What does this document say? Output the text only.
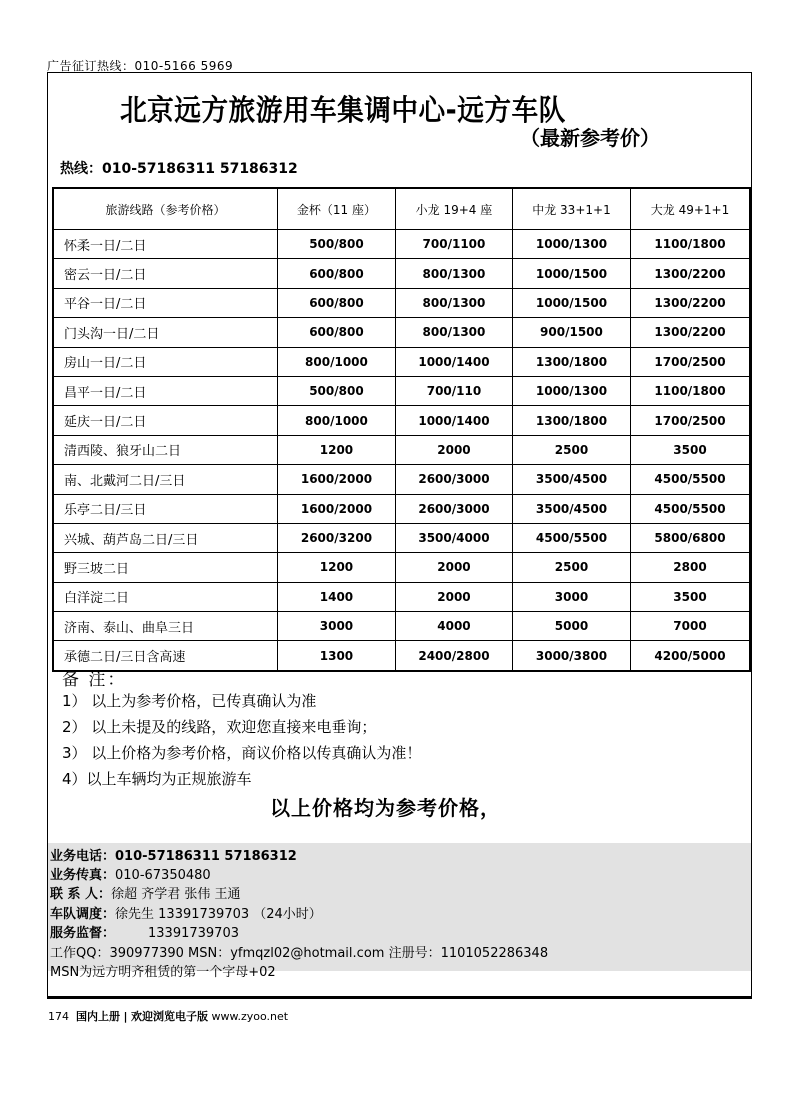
广告征订热线：010-5166 5969
北京远方旅游用车集调中心-远方车队
（最新参考价）
热线：010-57186311 57186312
旅游线路（参考价格）	金杯（11 座）	小龙 19+4 座	中龙 33+1+1	大龙 49+1+1
怀柔一日/二日	500/800	700/1100	1000/1300	1100/1800
密云一日/二日	600/800	800/1300	1000/1500	1300/2200
平谷一日/二日	600/800	800/1300	1000/1500	1300/2200
门头沟一日/二日	600/800	800/1300	900/1500	1300/2200
房山一日/二日	800/1000	1000/1400	1300/1800	1700/2500
昌平一日/二日	500/800	700/110	1000/1300	1100/1800
延庆一日/二日	800/1000	1000/1400	1300/1800	1700/2500
清西陵、狼牙山二日	1200	2000	2500	3500
南、北戴河二日/三日	1600/2000	2600/3000	3500/4500	4500/5500
乐亭二日/三日	1600/2000	2600/3000	3500/4500	4500/5500
兴城、葫芦岛二日/三日	2600/3200	3500/4000	4500/5500	5800/6800
野三坡二日	1200	2000	2500	2800
白洋淀二日	1400	2000	3000	3500
济南、泰山、曲阜三日	3000	4000	5000	7000
承德二日/三日含高速	1300	2400/2800	3000/3800	4200/5000
备 注：
1） 以上为参考价格，已传真确认为准
2） 以上未提及的线路，欢迎您直接来电垂询；
3） 以上价格为参考价格，商议价格以传真确认为准！
4）以上车辆均为正规旅游车
以上价格均为参考价格，
业务电话：010-57186311 57186312
业务传真：010-67350480
联 系 人：徐超 齐学君 张伟 王通
车队调度：徐先生 13391739703 （24小时）
服务监督：	13391739703
工作QQ：390977390 MSN：yfmqzl02@hotmail.com 注册号：1101052286348
MSN为远方明齐租赁的第一个字母+02
174 国内上册 | 欢迎浏览电子版 www.zyoo.net
